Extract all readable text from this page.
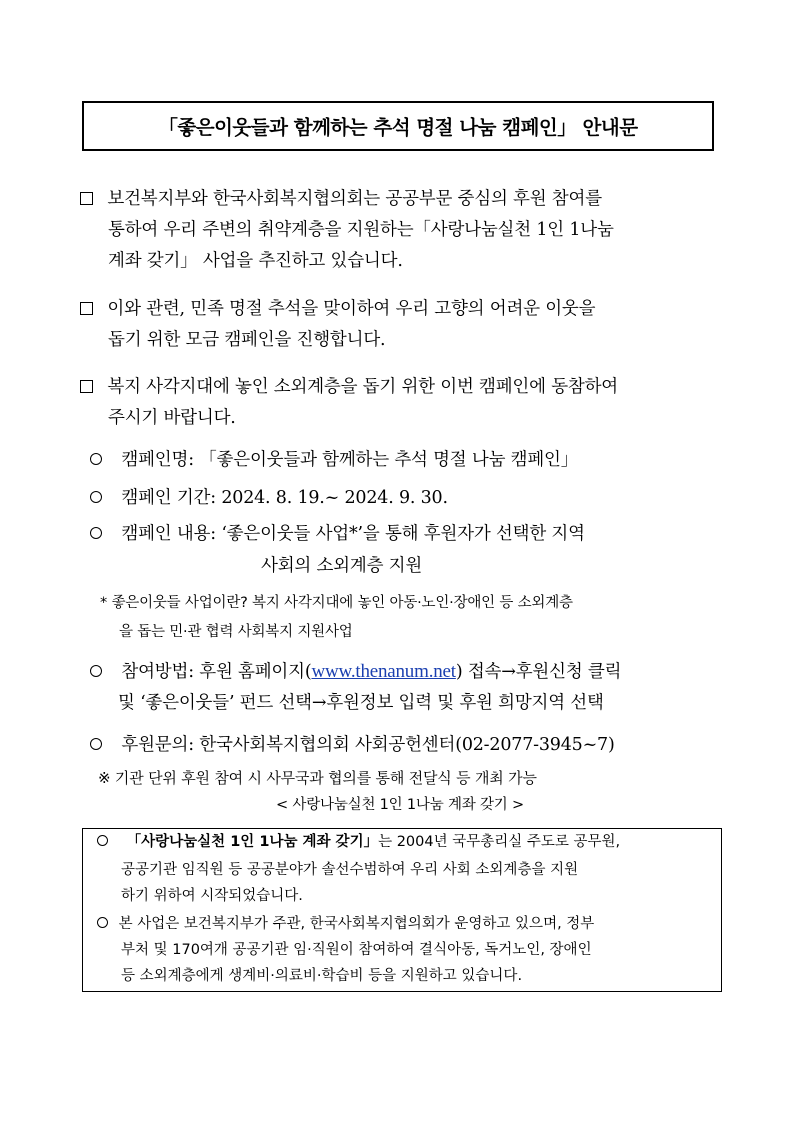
「좋은이웃들과 함께하는 추석 명절 나눔 캠페인」 안내문
보건복지부와 한국사회복지협의회는 공공부문 중심의 후원 참여를
통하여 우리 주변의 취약계층을 지원하는「사랑나눔실천 1인 1나눔
계좌 갖기」 사업을 추진하고 있습니다.
이와 관련, 민족 명절 추석을 맞이하여 우리 고향의 어려운 이웃을
돕기 위한 모금 캠페인을 진행합니다.
복지 사각지대에 놓인 소외계층을 돕기 위한 이번 캠페인에 동참하여
주시기 바랍니다.
캠페인명: 「좋은이웃들과 함께하는 추석 명절 나눔 캠페인」
캠페인 기간: 2024. 8. 19.~ 2024. 9. 30.
캠페인 내용: ‘좋은이웃들 사업*’을 통해 후원자가 선택한 지역
사회의 소외계층 지원
* 좋은이웃들 사업이란? 복지 사각지대에 놓인 아동·노인·장애인 등 소외계층
을 돕는 민·관 협력 사회복지 지원사업
참여방법: 후원 홈페이지(www.thenanum.net) 접속→후원신청 클릭
및 ‘좋은이웃들’ 펀드 선택→후원정보 입력 및 후원 희망지역 선택
후원문의: 한국사회복지협의회 사회공헌센터(02-2077-3945~7)
※ 기관 단위 후원 참여 시 사무국과 협의를 통해 전달식 등 개최 가능
< 사랑나눔실천 1인 1나눔 계좌 갖기 >
「사랑나눔실천 1인 1나눔 계좌 갖기」는 2004년 국무총리실 주도로 공무원,
공공기관 임직원 등 공공분야가 솔선수범하여 우리 사회 소외계층을 지원
하기 위하여 시작되었습니다.
본 사업은 보건복지부가 주관, 한국사회복지협의회가 운영하고 있으며, 정부
부처 및 170여개 공공기관 임·직원이 참여하여 결식아동, 독거노인, 장애인
등 소외계층에게 생계비·의료비·학습비 등을 지원하고 있습니다.
